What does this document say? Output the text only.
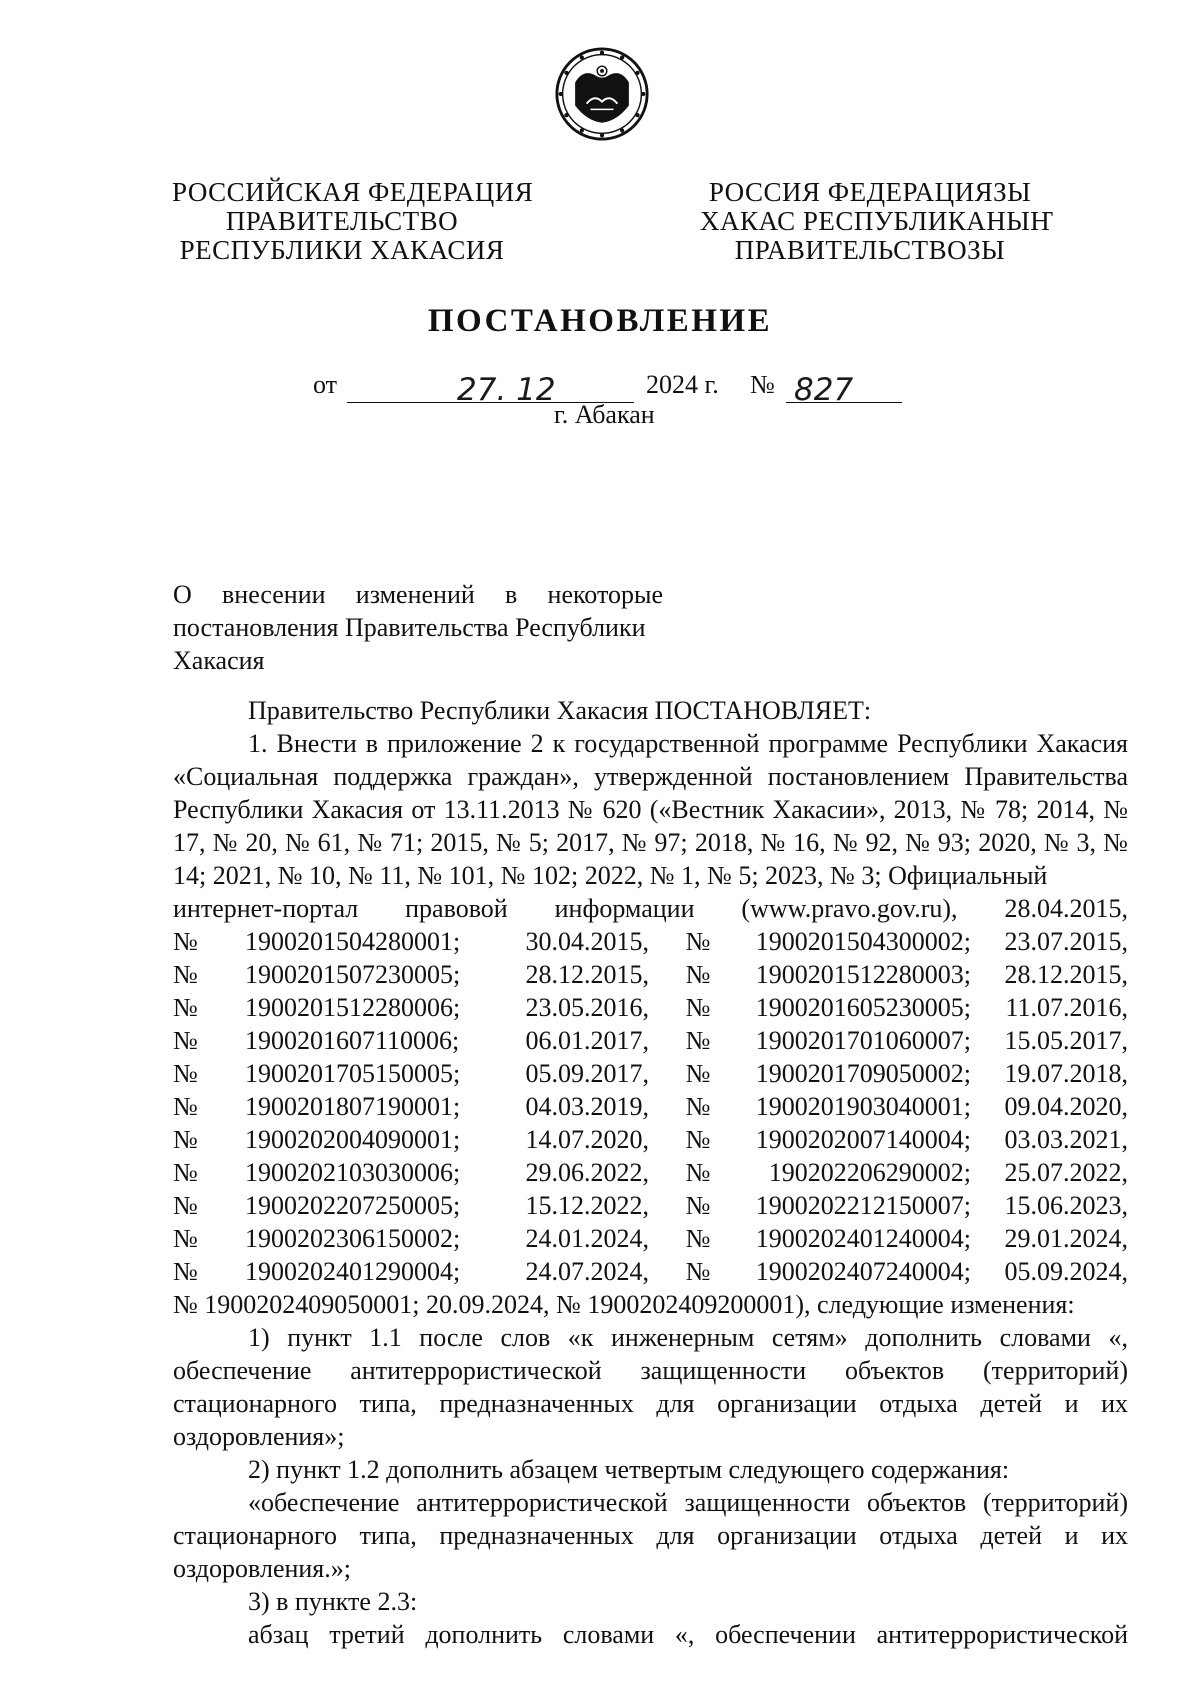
РОССИЙСКАЯ ФЕДЕРАЦИЯ
ПРАВИТЕЛЬСТВО
РЕСПУБЛИКИ ХАКАСИЯ
РОССИЯ ФЕДЕРАЦИЯЗЫ
ХАКАС РЕСПУБЛИКАНЫҤ
ПРАВИТЕЛЬСТВОЗЫ
ПОСТАНОВЛЕНИЕ
от	27. 12	2024 г. № 827
г. Абакан
О внесении изменений в некоторые
постановления Правительства Республики Хакасия

Правительство Республики Хакасия ПОСТАНОВЛЯЕТ:

1. Внести в приложение 2 к государственной программе Республики Хакасия «Социальная поддержка граждан», утвержденной постановлением Правительства Республики Хакасия от 13.11.2013 № 620 («Вестник Хакасии», 2013, № 78; 2014, № 17, № 20, № 61, № 71; 2015, № 5; 2017, № 97; 2018, № 16, № 92, № 93; 2020, № 3, № 14; 2021, № 10, № 11, № 101, № 102; 2022, № 1, № 5; 2023, № 3; Официальный

интернет-портал правовой информации (www.pravo.gov.ru), 28.04.2015,

№	1900201504280001;	30.04.2015,	№	1900201504300002;	23.07.2015,
№	1900201507230005;	28.12.2015,	№	1900201512280003;	28.12.2015,
№	1900201512280006;	23.05.2016,	№	1900201605230005;	11.07.2016,
№	1900201607110006;	06.01.2017,	№	1900201701060007;	15.05.2017,
№	1900201705150005;	05.09.2017,	№	1900201709050002;	19.07.2018,
№	1900201807190001;	04.03.2019,	№	1900201903040001;	09.04.2020,
№	1900202004090001;	14.07.2020,	№	1900202007140004;	03.03.2021,
№	1900202103030006;	29.06.2022,	№	190202206290002;	25.07.2022,
№	1900202207250005;	15.12.2022,	№	1900202212150007;	15.06.2023,
№	1900202306150002;	24.01.2024,	№	1900202401240004;	29.01.2024,
№	1900202401290004;	24.07.2024,	№	1900202407240004;	05.09.2024,

№ 1900202409050001; 20.09.2024, № 1900202409200001), следующие изменения:

1) пункт 1.1 после слов «к инженерным сетям» дополнить словами «, обеспечение антитеррористической защищенности объектов (территорий) стационарного типа, предназначенных для организации отдыха детей и их оздоровления»;

2) пункт 1.2 дополнить абзацем четвертым следующего содержания:

«обеспечение антитеррористической защищенности объектов (территорий) стационарного типа, предназначенных для организации отдыха детей и их оздоровления.»;

3) в пункте 2.3:

абзац третий дополнить словами «, обеспечении антитеррористической
